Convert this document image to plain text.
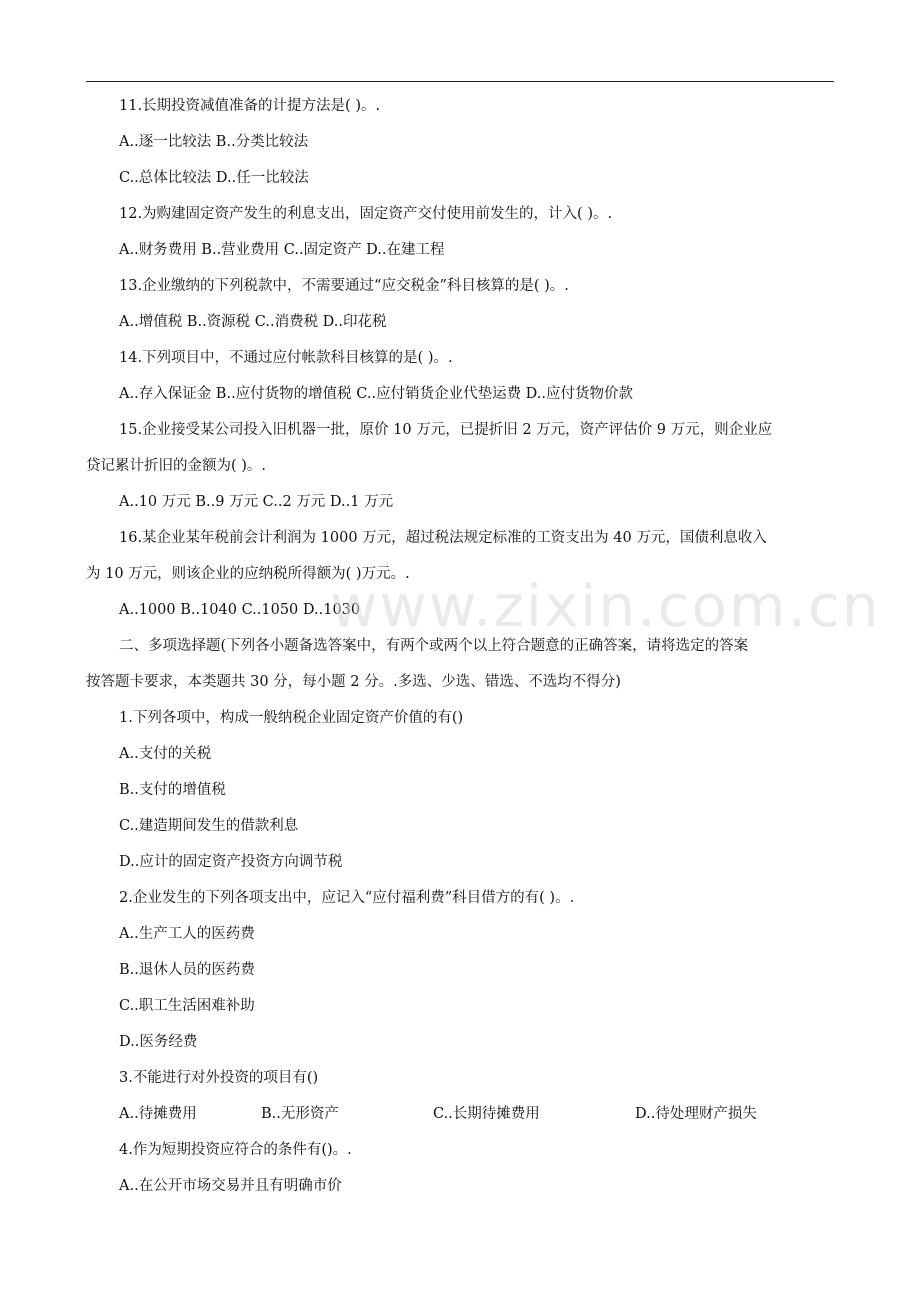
11.长期投资减值准备的计提方法是( )。.
A..逐一比较法 B..分类比较法
C..总体比较法 D..任一比较法
12.为购建固定资产发生的利息支出，固定资产交付使用前发生的，计入( )。.
A..财务费用 B..营业费用 C..固定资产 D..在建工程
13.企业缴纳的下列税款中，不需要通过“应交税金”科目核算的是( )。.
A..增值税 B..资源税 C..消费税 D..印花税
14.下列项目中，不通过应付帐款科目核算的是( )。.
A..存入保证金 B..应付货物的增值税 C..应付销货企业代垫运费 D..应付货物价款
15.企业接受某公司投入旧机器一批，原价 10 万元，已提折旧 2 万元，资产评估价 9 万元，则企业应
贷记累计折旧的金额为( )。.
A..10 万元 B..9 万元 C..2 万元 D..1 万元
16.某企业某年税前会计利润为 1000 万元，超过税法规定标准的工资支出为 40 万元，国债利息收入
为 10 万元，则该企业的应纳税所得额为( )万元。.
A..1000 B..1040 C..1050 D..1030
二、多项选择题(下列各小题备选答案中，有两个或两个以上符合题意的正确答案，请将选定的答案
按答题卡要求，本类题共 30 分，每小题 2 分。.多选、少选、错选、不选均不得分)
1.下列各项中，构成一般纳税企业固定资产价值的有()
A..支付的关税
B..支付的增值税
C..建造期间发生的借款利息
D..应计的固定资产投资方向调节税
2.企业发生的下列各项支出中，应记入“应付福利费”科目借方的有( )。.
A..生产工人的医药费
B..退休人员的医药费
C..职工生活困难补助
D..医务经费
3.不能进行对外投资的项目有()
A..待摊费用	B..无形资产	C..长期待摊费用	D..待处理财产损失
4.作为短期投资应符合的条件有()。.
A..在公开市场交易并且有明确市价
www.zixin.com.cn
